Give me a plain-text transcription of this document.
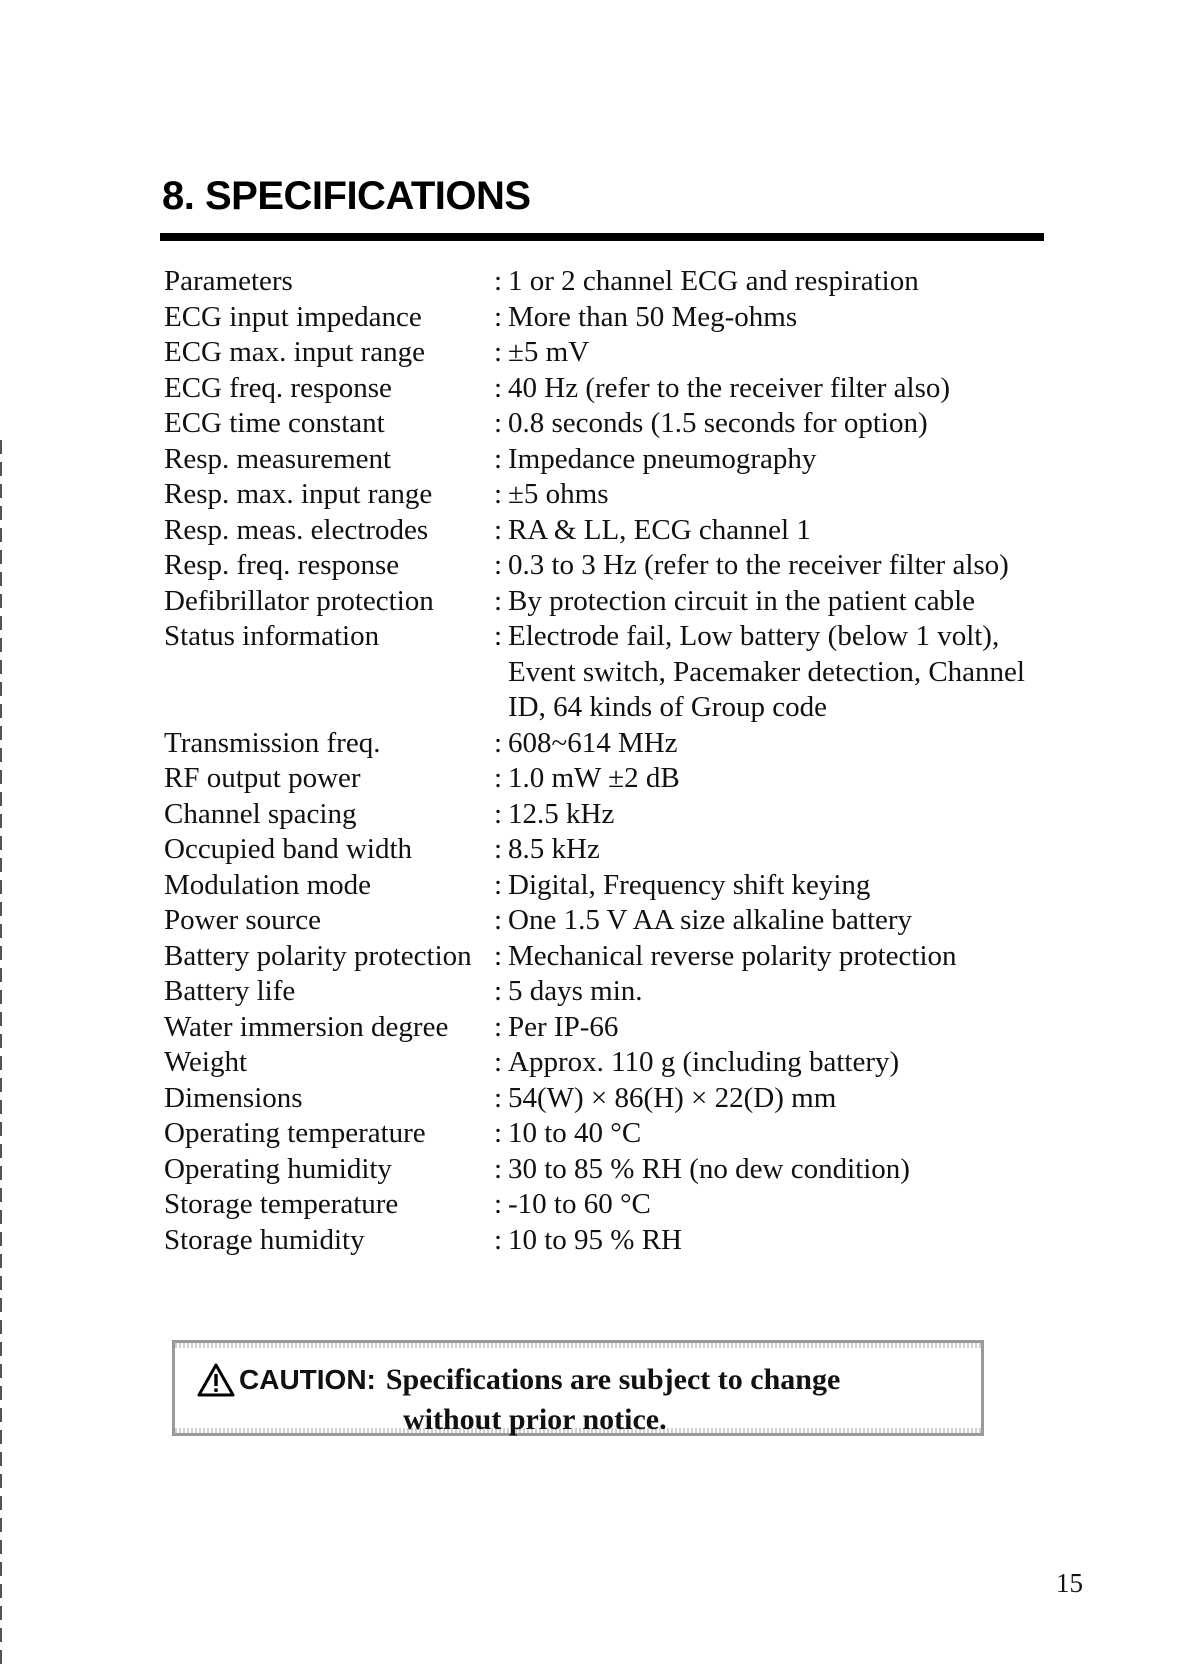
8. SPECIFICATIONS
Parameters	: 1 or 2 channel ECG and respiration
ECG input impedance	: More than 50 Meg-ohms
ECG max. input range	: ±5 mV
ECG freq. response	: 40 Hz (refer to the receiver filter also)
ECG time constant	: 0.8 seconds (1.5 seconds for option)
Resp. measurement	: Impedance pneumography
Resp. max. input range	: ±5 ohms
Resp. meas. electrodes	: RA & LL, ECG channel 1
Resp. freq. response	: 0.3 to 3 Hz (refer to the receiver filter also)
Defibrillator protection	: By protection circuit in the patient cable
Status information	: Electrode fail, Low battery (below 1 volt), Event switch, Pacemaker detection, Channel ID, 64 kinds of Group code
Transmission freq.	: 608~614 MHz
RF output power	: 1.0 mW ±2 dB
Channel spacing	: 12.5 kHz
Occupied band width	: 8.5 kHz
Modulation mode	: Digital, Frequency shift keying
Power source	: One 1.5 V AA size alkaline battery
Battery polarity protection : Mechanical reverse polarity protection
Battery life	: 5 days min.
Water immersion degree	: Per IP-66
Weight	: Approx. 110 g (including battery)
Dimensions	: 54(W) × 86(H) × 22(D) mm
Operating temperature	: 10 to 40 °C
Operating humidity	: 30 to 85 % RH (no dew condition)
Storage temperature	: -10 to 60 °C
Storage humidity	: 10 to 95 % RH
CAUTION: Specifications are subject to change
without prior notice.
15
